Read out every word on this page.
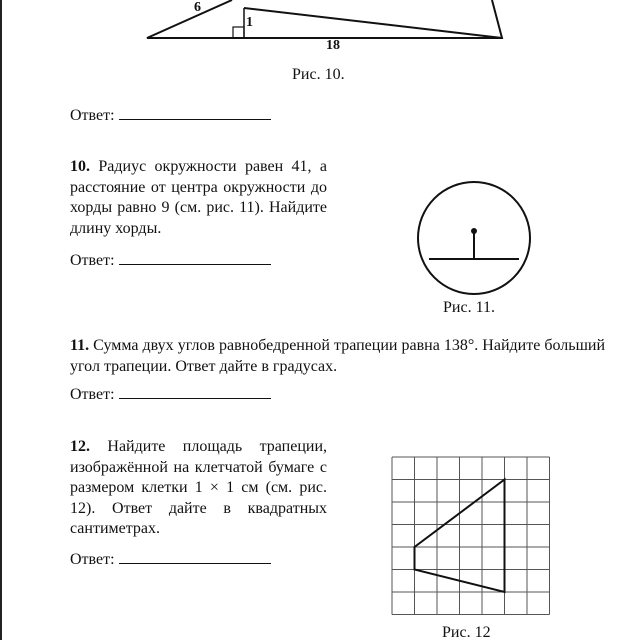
6
1
18
Рис. 10.
Ответ:
10. Радиус окружности равен 41, а расстояние от центра окружности до хорды равно 9 (см. рис. 11). Найдите длину хорды.
Ответ:
Рис. 11.
11. Сумма двух углов равнобедренной трапеции равна 138°. Найдите больший угол трапеции. Ответ дайте в градусах.
Ответ:
12. Найдите площадь трапеции, изображённой на клетчатой бумаге с размером клетки 1 × 1 см (см. рис. 12). Ответ дайте в квадратных сантиметрах.
Ответ:
Рис. 12
